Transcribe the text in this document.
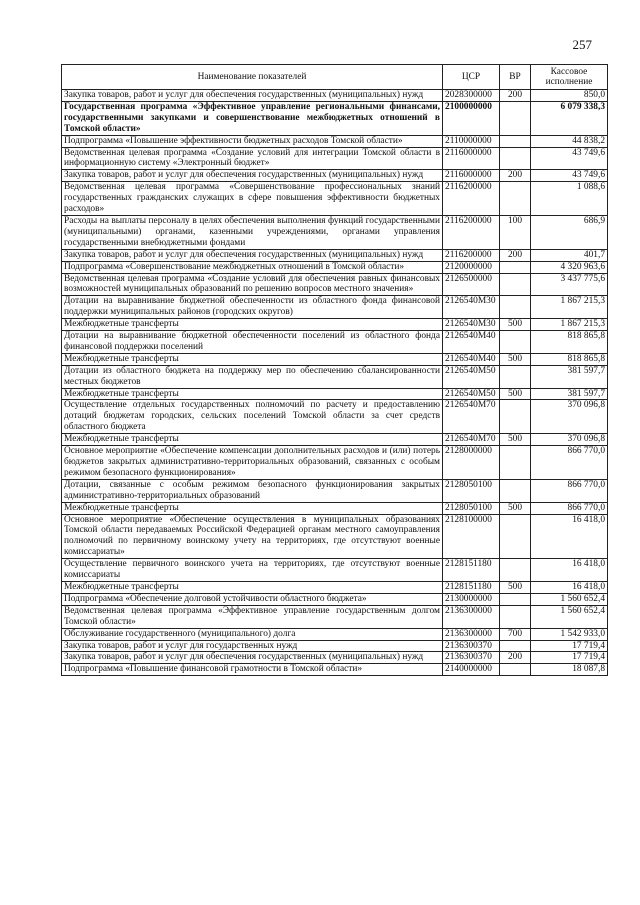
257
Наименование показателей	ЦСР	ВР	Кассовое исполнение
Закупка товаров, работ и услуг для обеспечения государственных (муниципальных) нужд	2028300000	200	850,0
Государственная программа «Эффективное управление региональными финансами, государственными закупками и совершенствование межбюджетных отношений в Томской области»	2100000000		6 079 338,3
Подпрограмма «Повышение эффективности бюджетных расходов Томской области»	2110000000		44 838,2
Ведомственная целевая программа «Создание условий для интеграции Томской области в информационную систему «Электронный бюджет»	2116000000		43 749,6
Закупка товаров, работ и услуг для обеспечения государственных (муниципальных) нужд	2116000000	200	43 749,6
Ведомственная целевая программа «Совершенствование профессиональных знаний государственных гражданских служащих в сфере повышения эффективности бюджетных расходов»	2116200000		1 088,6
Расходы на выплаты персоналу в целях обеспечения выполнения функций государственными (муниципальными) органами, казенными учреждениями, органами управления государственными внебюджетными фондами	2116200000	100	686,9
Закупка товаров, работ и услуг для обеспечения государственных (муниципальных) нужд	2116200000	200	401,7
Подпрограмма «Совершенствование межбюджетных отношений в Томской области»	2120000000		4 320 963,6
Ведомственная целевая программа «Создание условий для обеспечения равных финансовых возможностей муниципальных образований по решению вопросов местного значения»	2126500000		3 437 775,6
Дотации на выравнивание бюджетной обеспеченности из областного фонда финансовой поддержки муниципальных районов (городских округов)	2126540М30		1 867 215,3
Межбюджетные трансферты	2126540М30	500	1 867 215,3
Дотации на выравнивание бюджетной обеспеченности поселений из областного фонда финансовой поддержки поселений	2126540М40		818 865,8
Межбюджетные трансферты	2126540М40	500	818 865,8
Дотации из областного бюджета на поддержку мер по обеспечению сбалансированности местных бюджетов	2126540М50		381 597,7
Межбюджетные трансферты	2126540М50	500	381 597,7
Осуществление отдельных государственных полномочий по расчету и предоставлению дотаций бюджетам городских, сельских поселений Томской области за счет средств областного бюджета	2126540М70		370 096,8
Межбюджетные трансферты	2126540М70	500	370 096,8
Основное мероприятие «Обеспечение компенсации дополнительных расходов и (или) потерь бюджетов закрытых административно-территориальных образований, связанных с особым режимом безопасного функционирования»	2128000000		866 770,0
Дотации, связанные с особым режимом безопасного функционирования закрытых административно-территориальных образований	2128050100		866 770,0
Межбюджетные трансферты	2128050100	500	866 770,0
Основное мероприятие «Обеспечение осуществления в муниципальных образованиях Томской области передаваемых Российской Федерацией органам местного самоуправления полномочий по первичному воинскому учету на территориях, где отсутствуют военные комиссариаты»	2128100000		16 418,0
Осуществление первичного воинского учета на территориях, где отсутствуют военные комиссариаты	2128151180		16 418,0
Межбюджетные трансферты	2128151180	500	16 418,0
Подпрограмма «Обеспечение долговой устойчивости областного бюджета»	2130000000		1 560 652,4
Ведомственная целевая программа «Эффективное управление государственным долгом Томской области»	2136300000		1 560 652,4
Обслуживание государственного (муниципального) долга	2136300000	700	1 542 933,0
Закупка товаров, работ и услуг для государственных нужд	2136300370		17 719,4
Закупка товаров, работ и услуг для обеспечения государственных (муниципальных) нужд	2136300370	200	17 719,4
Подпрограмма «Повышение финансовой грамотности в Томской области»	2140000000		18 087,8
